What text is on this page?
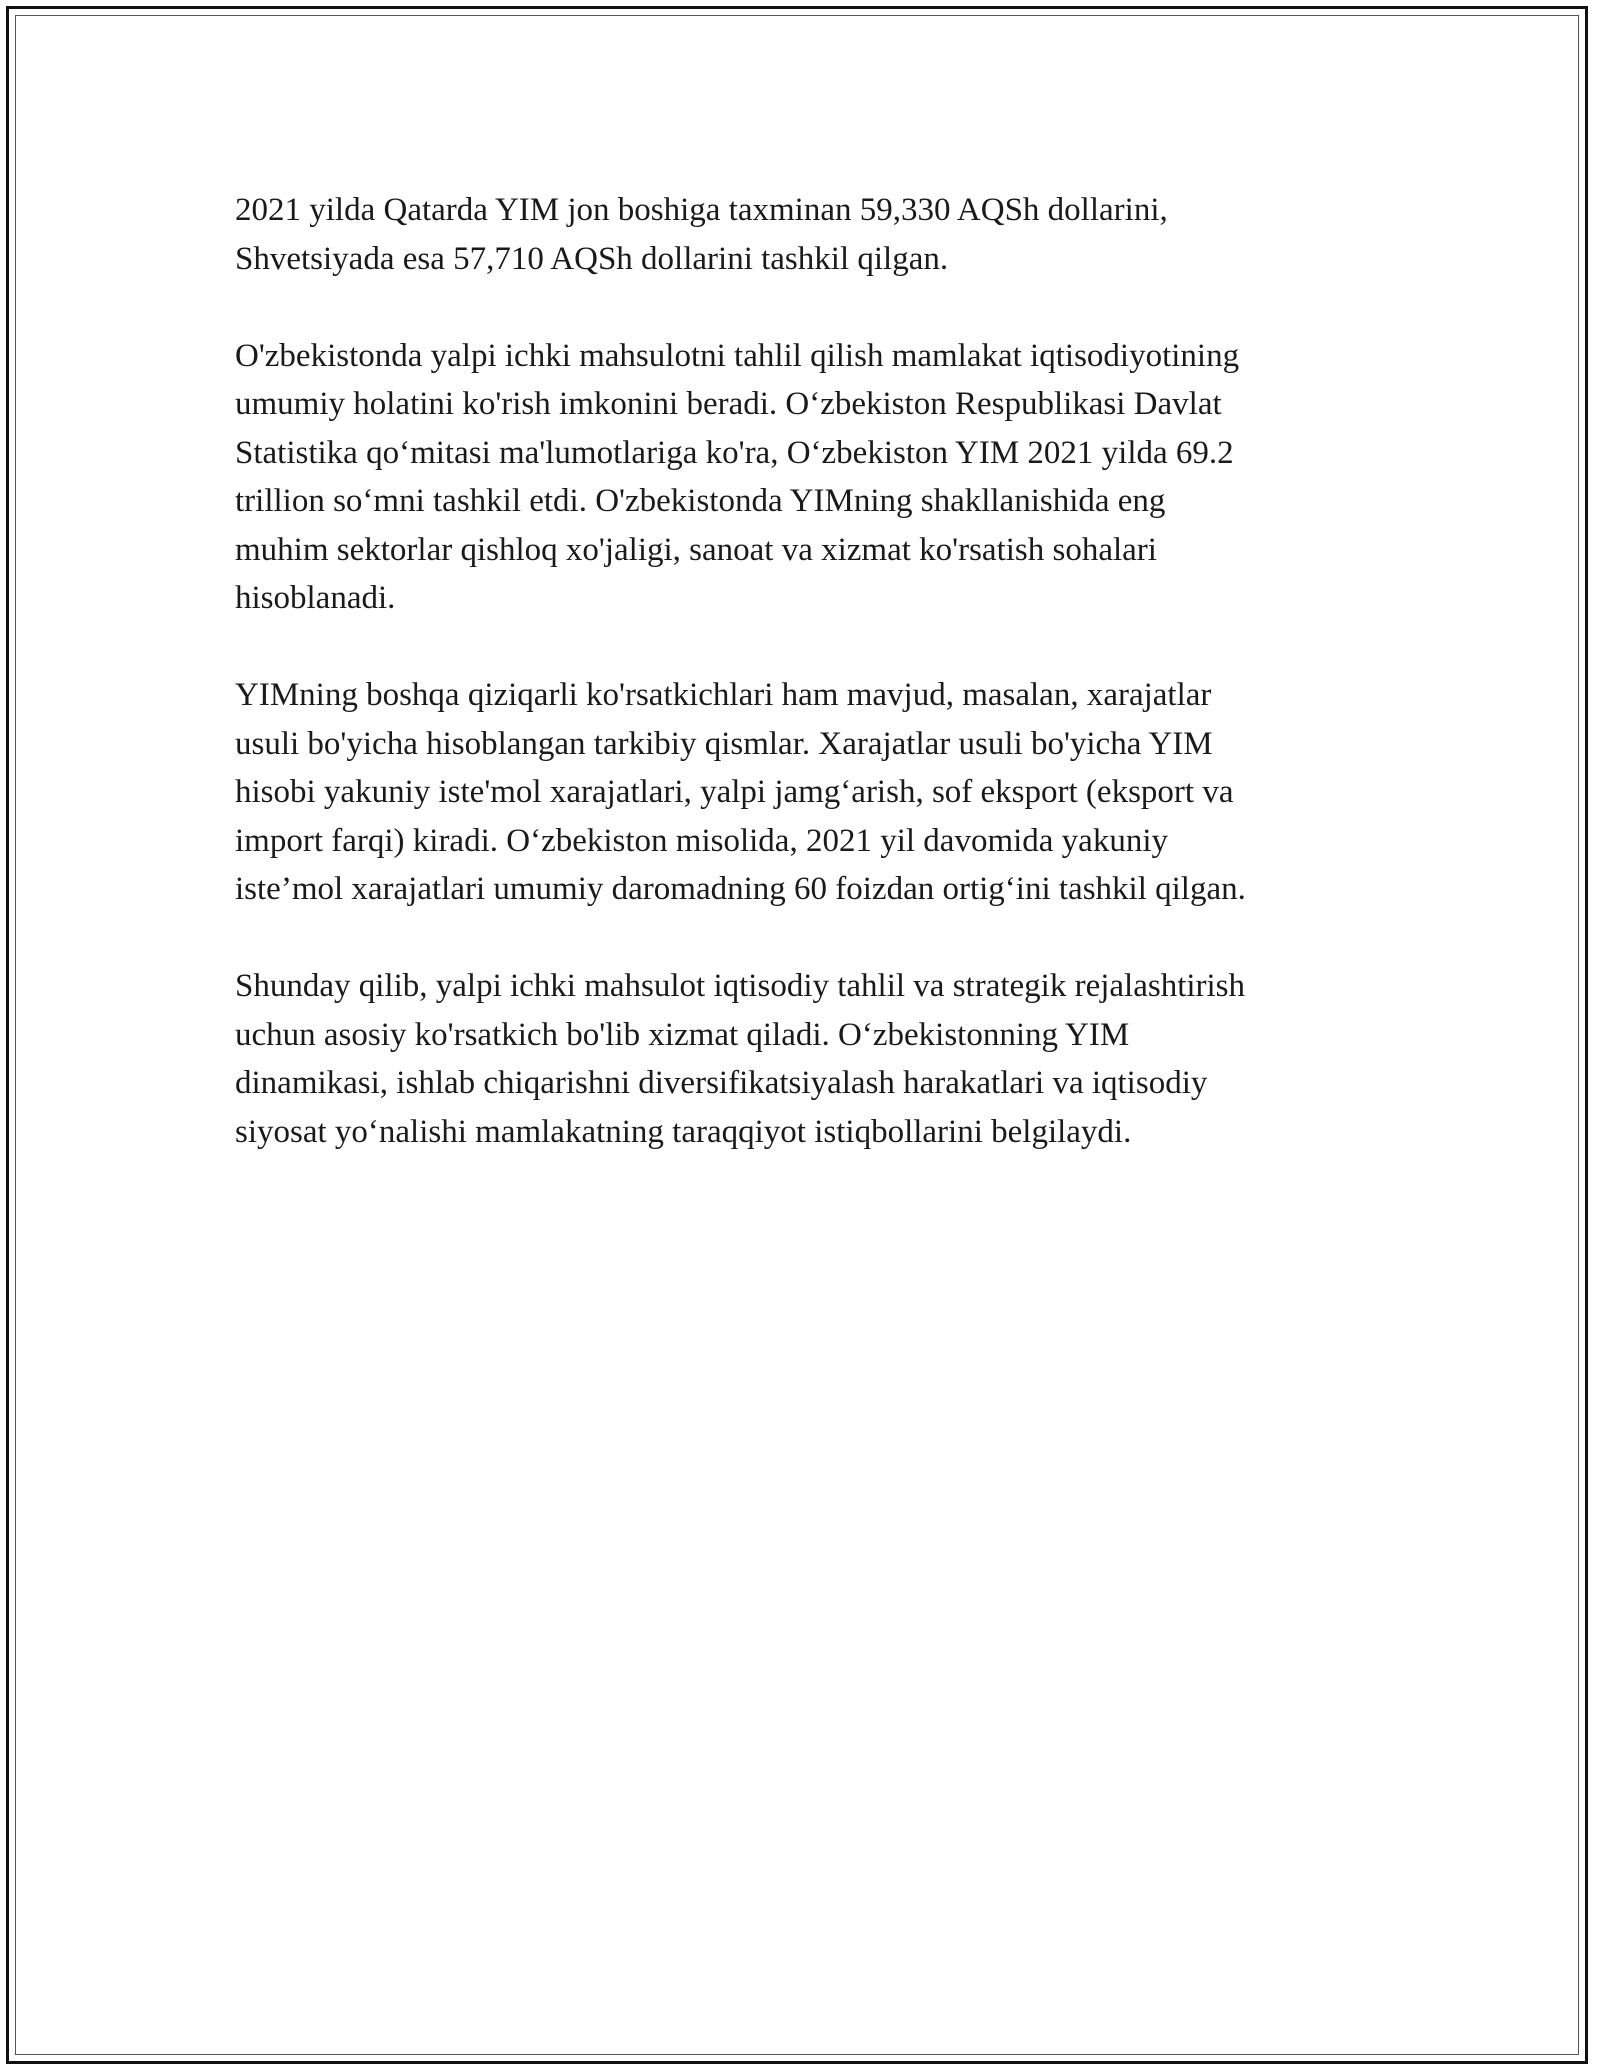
2021 yilda Qatarda YIM jon boshiga taxminan 59,330 AQSh dollarini,
Shvetsiyada esa 57,710 AQSh dollarini tashkil qilgan.

O'zbekistonda yalpi ichki mahsulotni tahlil qilish mamlakat iqtisodiyotining
umumiy holatini ko'rish imkonini beradi. O‘zbekiston Respublikasi Davlat
Statistika qo‘mitasi ma'lumotlariga ko'ra, O‘zbekiston YIM 2021 yilda 69.2
trillion so‘mni tashkil etdi. O'zbekistonda YIMning shakllanishida eng
muhim sektorlar qishloq xo'jaligi, sanoat va xizmat ko'rsatish sohalari
hisoblanadi.

YIMning boshqa qiziqarli ko'rsatkichlari ham mavjud, masalan, xarajatlar
usuli bo'yicha hisoblangan tarkibiy qismlar. Xarajatlar usuli bo'yicha YIM
hisobi yakuniy iste'mol xarajatlari, yalpi jamg‘arish, sof eksport (eksport va
import farqi) kiradi. O‘zbekiston misolida, 2021 yil davomida yakuniy
iste’mol xarajatlari umumiy daromadning 60 foizdan ortig‘ini tashkil qilgan.

Shunday qilib, yalpi ichki mahsulot iqtisodiy tahlil va strategik rejalashtirish
uchun asosiy ko'rsatkich bo'lib xizmat qiladi. O‘zbekistonning YIM
dinamikasi, ishlab chiqarishni diversifikatsiyalash harakatlari va iqtisodiy
siyosat yo‘nalishi mamlakatning taraqqiyot istiqbollarini belgilaydi.
